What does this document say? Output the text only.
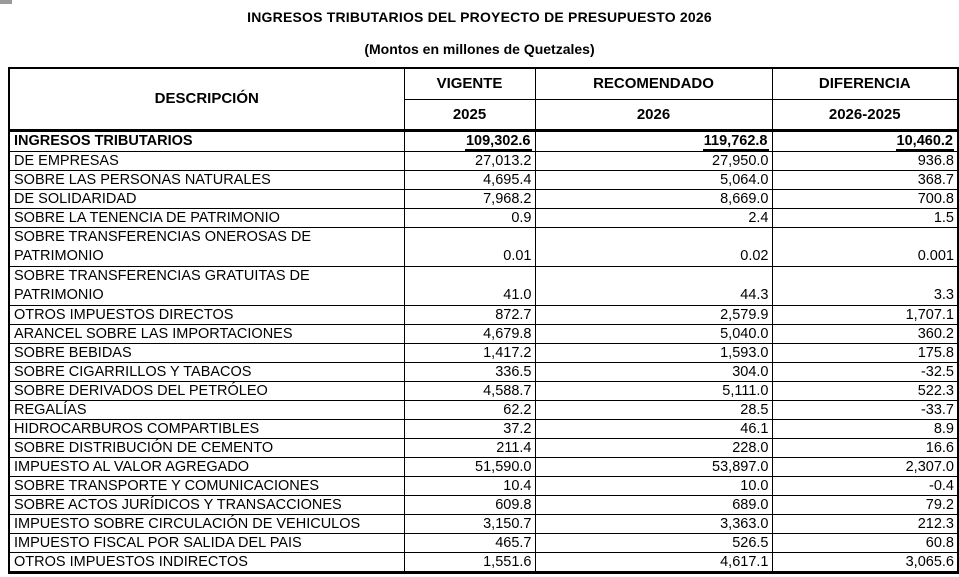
INGRESOS TRIBUTARIOS DEL PROYECTO DE PRESUPUESTO 2026
(Montos en millones de Quetzales)
DESCRIPCIÓN	VIGENTE	RECOMENDADO	DIFERENCIA
	2025	2026	2026-2025
INGRESOS TRIBUTARIOS	109,302.6	119,762.8	10,460.2
DE EMPRESAS	27,013.2	27,950.0	936.8
SOBRE LAS PERSONAS NATURALES	4,695.4	5,064.0	368.7
DE SOLIDARIDAD	7,968.2	8,669.0	700.8
SOBRE LA TENENCIA DE PATRIMONIO	0.9	2.4	1.5
SOBRE TRANSFERENCIAS ONEROSAS DE PATRIMONIO	0.01	0.02	0.001
SOBRE TRANSFERENCIAS GRATUITAS DE PATRIMONIO	41.0	44.3	3.3
OTROS IMPUESTOS DIRECTOS	872.7	2,579.9	1,707.1
ARANCEL SOBRE LAS IMPORTACIONES	4,679.8	5,040.0	360.2
SOBRE BEBIDAS	1,417.2	1,593.0	175.8
SOBRE CIGARRILLOS Y TABACOS	336.5	304.0	-32.5
SOBRE DERIVADOS DEL PETRÓLEO	4,588.7	5,111.0	522.3
REGALÍAS	62.2	28.5	-33.7
HIDROCARBUROS COMPARTIBLES	37.2	46.1	8.9
SOBRE DISTRIBUCIÓN DE CEMENTO	211.4	228.0	16.6
IMPUESTO AL VALOR AGREGADO	51,590.0	53,897.0	2,307.0
SOBRE TRANSPORTE Y COMUNICACIONES	10.4	10.0	-0.4
SOBRE ACTOS JURÍDICOS Y TRANSACCIONES	609.8	689.0	79.2
IMPUESTO SOBRE CIRCULACIÓN DE VEHICULOS	3,150.7	3,363.0	212.3
IMPUESTO FISCAL POR SALIDA DEL PAIS	465.7	526.5	60.8
OTROS IMPUESTOS INDIRECTOS	1,551.6	4,617.1	3,065.6
